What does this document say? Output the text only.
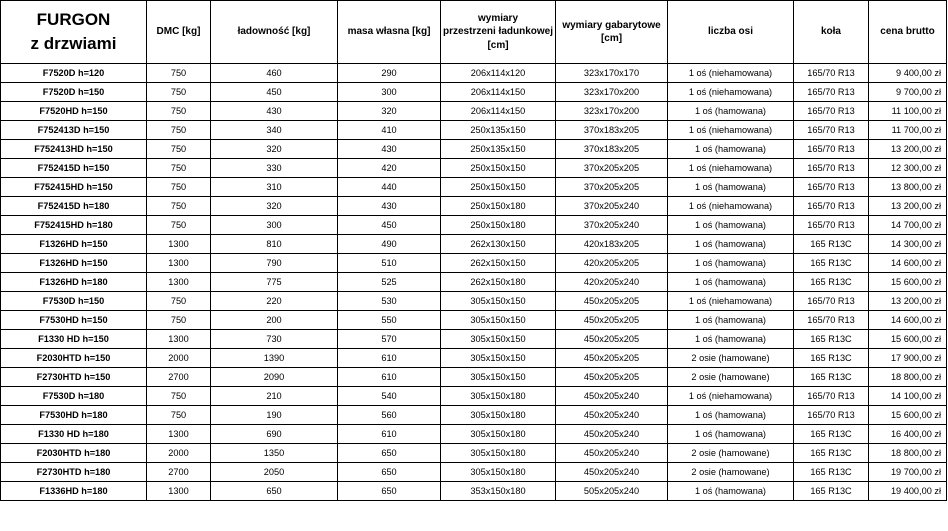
FURGON
z drzwiami	DMC [kg]	ładowność [kg]	masa własna [kg]	wymiary
przestrzeni ładunkowej
[cm]	wymiary gabarytowe
[cm]	liczba osi	koła	cena brutto
F7520D h=120	750	460	290	206x114x120	323x170x170	1 oś (niehamowana)	165/70 R13	9 400,00 zł
F7520D h=150	750	450	300	206x114x150	323x170x200	1 oś (niehamowana)	165/70 R13	9 700,00 zł
F7520HD h=150	750	430	320	206x114x150	323x170x200	1 oś (hamowana)	165/70 R13	11 100,00 zł
F752413D h=150	750	340	410	250x135x150	370x183x205	1 oś (niehamowana)	165/70 R13	11 700,00 zł
F752413HD h=150	750	320	430	250x135x150	370x183x205	1 oś (hamowana)	165/70 R13	13 200,00 zł
F752415D h=150	750	330	420	250x150x150	370x205x205	1 oś (niehamowana)	165/70 R13	12 300,00 zł
F752415HD h=150	750	310	440	250x150x150	370x205x205	1 oś (hamowana)	165/70 R13	13 800,00 zł
F752415D h=180	750	320	430	250x150x180	370x205x240	1 oś (niehamowana)	165/70 R13	13 200,00 zł
F752415HD h=180	750	300	450	250x150x180	370x205x240	1 oś (hamowana)	165/70 R13	14 700,00 zł
F1326HD h=150	1300	810	490	262x130x150	420x183x205	1 oś (hamowana)	165 R13C	14 300,00 zł
F1326HD h=150	1300	790	510	262x150x150	420x205x205	1 oś (hamowana)	165 R13C	14 600,00 zł
F1326HD h=180	1300	775	525	262x150x180	420x205x240	1 oś (hamowana)	165 R13C	15 600,00 zł
F7530D h=150	750	220	530	305x150x150	450x205x205	1 oś (niehamowana)	165/70 R13	13 200,00 zł
F7530HD h=150	750	200	550	305x150x150	450x205x205	1 oś (hamowana)	165/70 R13	14 600,00 zł
F1330 HD h=150	1300	730	570	305x150x150	450x205x205	1 oś (hamowana)	165 R13C	15 600,00 zł
F2030HTD h=150	2000	1390	610	305x150x150	450x205x205	2 osie (hamowane)	165 R13C	17 900,00 zł
F2730HTD h=150	2700	2090	610	305x150x150	450x205x205	2 osie (hamowane)	165 R13C	18 800,00 zł
F7530D h=180	750	210	540	305x150x180	450x205x240	1 oś (niehamowana)	165/70 R13	14 100,00 zł
F7530HD h=180	750	190	560	305x150x180	450x205x240	1 oś (hamowana)	165/70 R13	15 600,00 zł
F1330 HD h=180	1300	690	610	305x150x180	450x205x240	1 oś (hamowana)	165 R13C	16 400,00 zł
F2030HTD h=180	2000	1350	650	305x150x180	450x205x240	2 osie (hamowane)	165 R13C	18 800,00 zł
F2730HTD h=180	2700	2050	650	305x150x180	450x205x240	2 osie (hamowane)	165 R13C	19 700,00 zł
F1336HD h=180	1300	650	650	353x150x180	505x205x240	1 oś (hamowana)	165 R13C	19 400,00 zł
